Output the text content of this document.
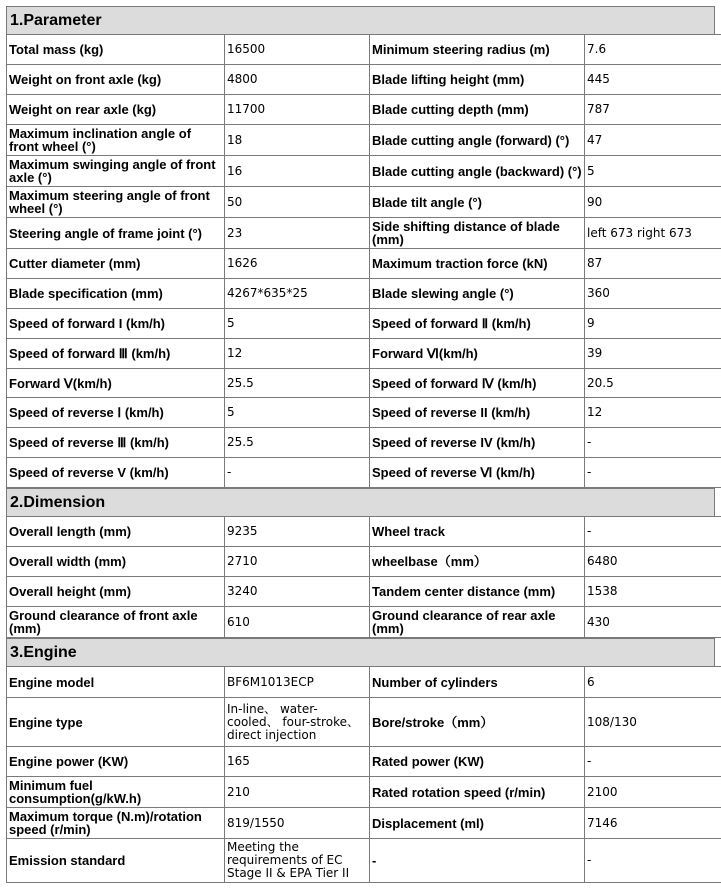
1.Parameter
Total mass (kg)	16500	Minimum steering radius (m)	7.6
Weight on front axle (kg)	4800	Blade lifting height (mm)	445
Weight on rear axle (kg)	11700	Blade cutting depth (mm)	787
Maximum inclination angle of front wheel (°)	18	Blade cutting angle (forward) (°)	47
Maximum swinging angle of front axle (°)	16	Blade cutting angle (backward) (°)	5
Maximum steering angle of front wheel (°)	50	Blade tilt angle (°)	90
Steering angle of frame joint (°)	23	Side shifting distance of blade (mm)	left 673 right 673
Cutter diameter (mm)	1626	Maximum traction force (kN)	87
Blade specification (mm)	4267*635*25	Blade slewing angle (°)	360
Speed of forward I (km/h)	5	Speed of forward Ⅱ (km/h)	9
Speed of forward Ⅲ (km/h)	12	Forward Ⅵ(km/h)	39
Forward Ⅴ(km/h)	25.5	Speed of forward Ⅳ (km/h)	20.5
Speed of reverse Ⅰ (km/h)	5	Speed of reverse II (km/h)	12
Speed of reverse Ⅲ (km/h)	25.5	Speed of reverse IV (km/h)	-
Speed of reverse V (km/h)	-	Speed of reverse Ⅵ (km/h)	-
2.Dimension
Overall length (mm)	9235	Wheel track	-
Overall width (mm)	2710	wheelbase（mm）	6480
Overall height (mm)	3240	Tandem center distance (mm)	1538
Ground clearance of front axle (mm)	610	Ground clearance of rear axle (mm)	430
3.Engine
Engine model	BF6M1013ECP	Number of cylinders	6
Engine type	In-line、 water-cooled、 four-stroke、 direct injection	Bore/stroke（mm）	108/130
Engine power (KW)	165	Rated power (KW)	-
Minimum fuel consumption(g/kW.h)	210	Rated rotation speed (r/min)	2100
Maximum torque (N.m)/rotation speed (r/min)	819/1550	Displacement (ml)	7146
Emission standard	Meeting the requirements of EC Stage II & EPA Tier II	-	-
